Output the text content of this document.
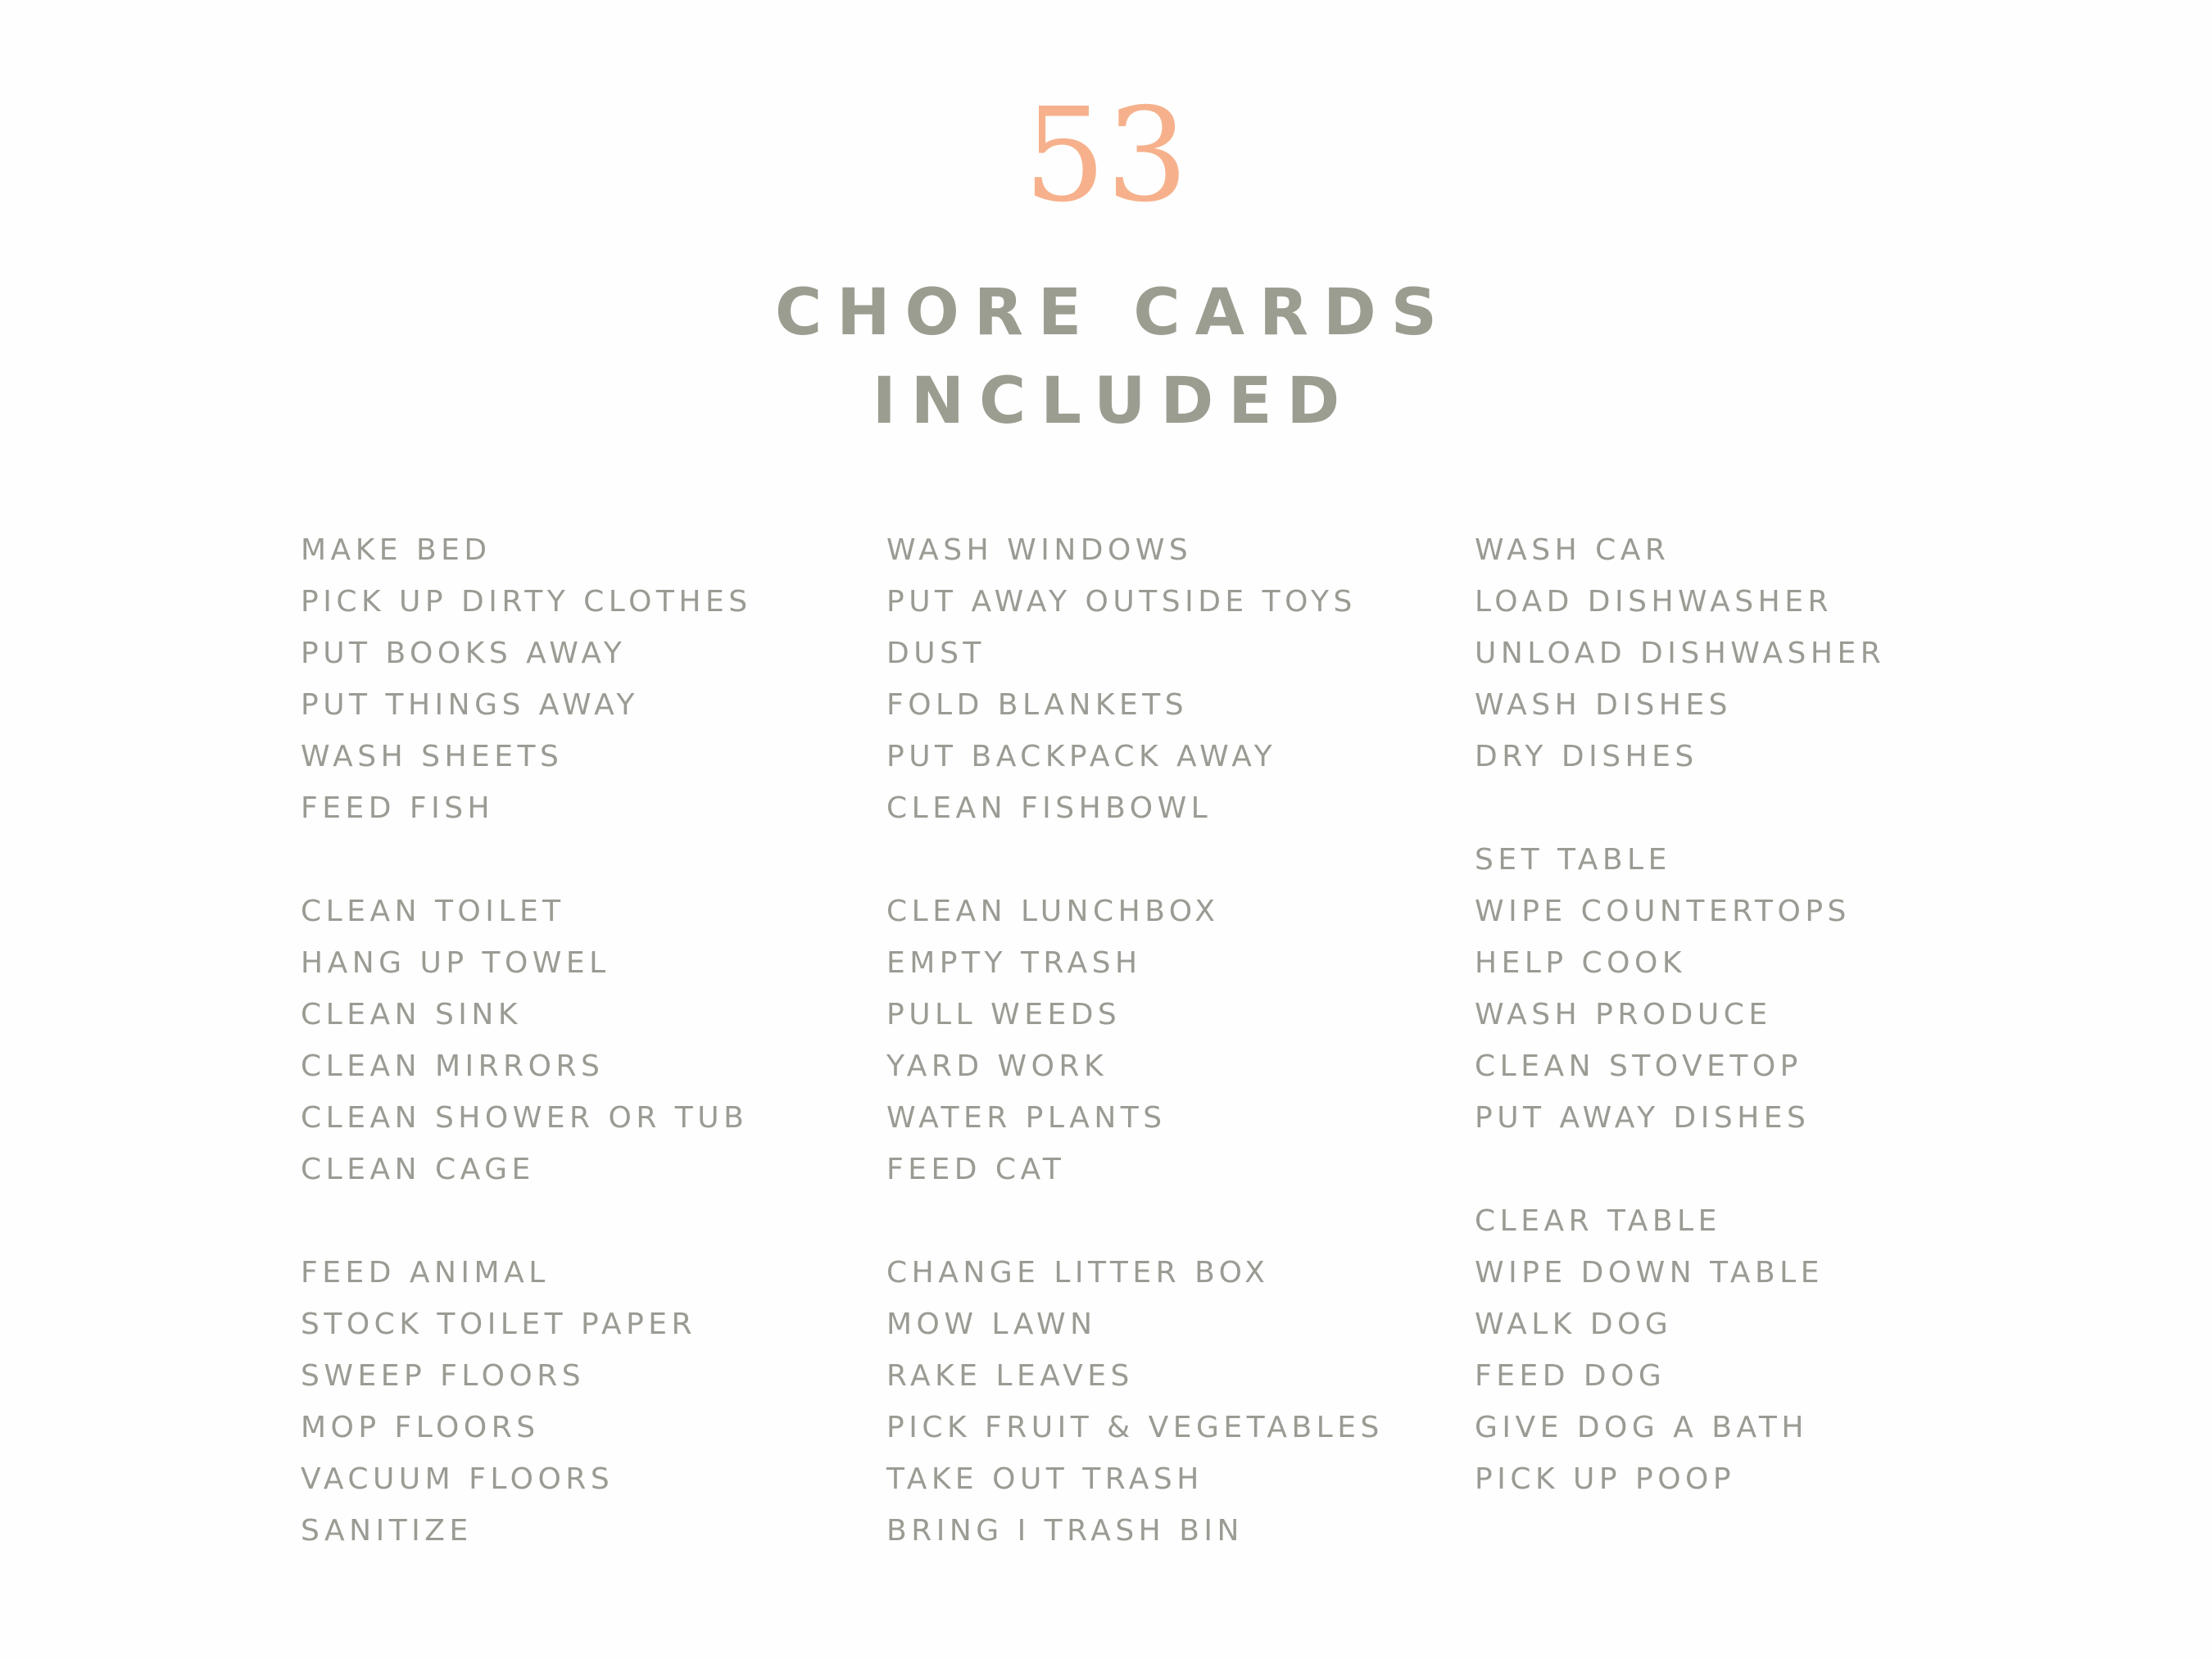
53
CHORE CARDS
INCLUDED
MAKE BED
PICK UP DIRTY CLOTHES
PUT BOOKS AWAY
PUT THINGS AWAY
WASH SHEETS
FEED FISH
CLEAN TOILET
HANG UP TOWEL
CLEAN SINK
CLEAN MIRRORS
CLEAN SHOWER OR TUB
CLEAN CAGE
FEED ANIMAL
STOCK TOILET PAPER
SWEEP FLOORS
MOP FLOORS
VACUUM FLOORS
SANITIZE
WASH WINDOWS
PUT AWAY OUTSIDE TOYS
DUST
FOLD BLANKETS
PUT BACKPACK AWAY
CLEAN FISHBOWL
CLEAN LUNCHBOX
EMPTY TRASH
PULL WEEDS
YARD WORK
WATER PLANTS
FEED CAT
CHANGE LITTER BOX
MOW LAWN
RAKE LEAVES
PICK FRUIT & VEGETABLES
TAKE OUT TRASH
BRING I TRASH BIN
WASH CAR
LOAD DISHWASHER
UNLOAD DISHWASHER
WASH DISHES
DRY DISHES
SET TABLE
WIPE COUNTERTOPS
HELP COOK
WASH PRODUCE
CLEAN STOVETOP
PUT AWAY DISHES
CLEAR TABLE
WIPE DOWN TABLE
WALK DOG
FEED DOG
GIVE DOG A BATH
PICK UP POOP
